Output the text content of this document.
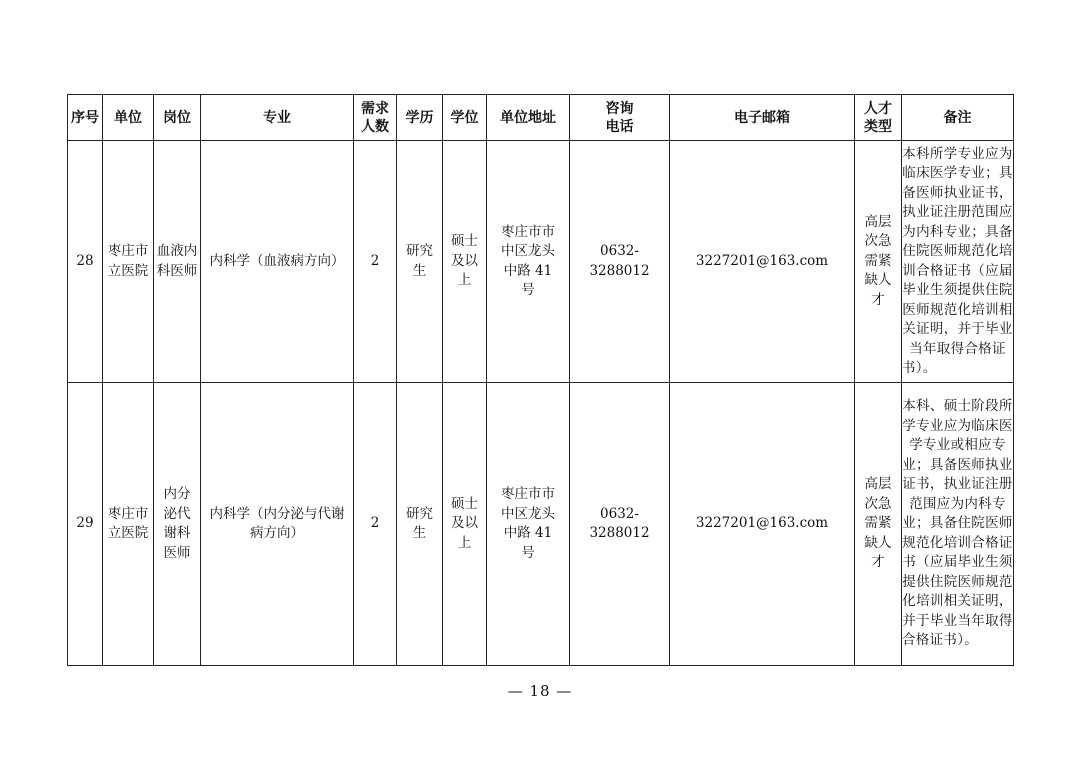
序号	单位	岗位	专业	需求人数	学历	学位	单位地址	咨询电话	电子邮箱	人才类型	备注
28	枣庄市立医院	血液内科医师	内科学（血液病方向）	2	研究生	硕士及以上	枣庄市市中区龙头中路 41 号	0632-3288012	3227201@163.com	高层次急需紧缺人才	本科所学专业应为临床医学专业；具备医师执业证书，执业证注册范围应为内科专业；具备住院医师规范化培训合格证书（应届毕业生须提供住院医师规范化培训相关证明，并于毕业当年取得合格证书）。
29	枣庄市立医院	内分泌代谢科医师	内科学（内分泌与代谢病方向）	2	研究生	硕士及以上	枣庄市市中区龙头中路 41 号	0632-3288012	3227201@163.com	高层次急需紧缺人才	本科、硕士阶段所学专业应为临床医学专业或相应专业；具备医师执业证书，执业证注册范围应为内科专业；具备住院医师规范化培训合格证书（应届毕业生须提供住院医师规范化培训相关证明，并于毕业当年取得合格证书）。
— 18 —
